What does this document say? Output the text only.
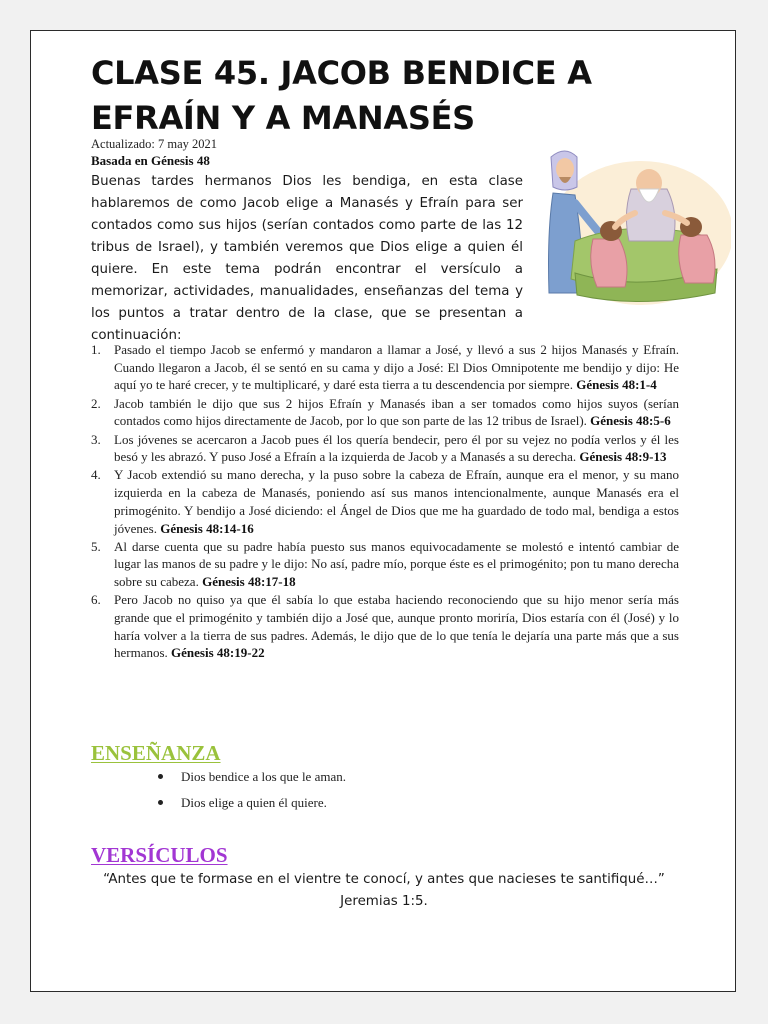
CLASE 45. JACOB BENDICE A EFRAÍN Y A MANASÉS
Actualizado: 7 may 2021
Basada en Génesis 48
Buenas tardes hermanos Dios les bendiga, en esta clase hablaremos de como Jacob elige a Manasés y Efraín para ser contados como sus hijos (serían contados como parte de las 12 tribus de Israel), y también veremos que Dios elige a quien él quiere. En este tema podrán encontrar el versículo a memorizar, actividades, manualidades, enseñanzas del tema y los puntos a tratar dentro de la clase, que se presentan a continuación:
1.	Pasado el tiempo Jacob se enfermó y mandaron a llamar a José, y llevó a sus 2 hijos Manasés y Efraín. Cuando llegaron a Jacob, él se sentó en su cama y dijo a José: El Dios Omnipotente me bendijo y dijo: He aquí yo te haré crecer, y te multiplicaré, y daré esta tierra a tu descendencia por siempre. Génesis 48:1-4
2.	Jacob también le dijo que sus 2 hijos Efraín y Manasés iban a ser tomados como hijos suyos (serían contados como hijos directamente de Jacob, por lo que son parte de las 12 tribus de Israel). Génesis 48:5-6
3.	Los jóvenes se acercaron a Jacob pues él los quería bendecir, pero él por su vejez no podía verlos y él les besó y les abrazó. Y puso José a Efraín a la izquierda de Jacob y a Manasés a su derecha. Génesis 48:9-13
4.	Y Jacob extendió su mano derecha, y la puso sobre la cabeza de Efraín, aunque era el menor, y su mano izquierda en la cabeza de Manasés, poniendo así sus manos intencionalmente, aunque Manasés era el primogénito. Y bendijo a José diciendo: el Ángel de Dios que me ha guardado de todo mal, bendiga a estos jóvenes. Génesis 48:14-16
5.	Al darse cuenta que su padre había puesto sus manos equivocadamente se molestó e intentó cambiar de lugar las manos de su padre y le dijo: No así, padre mío, porque éste es el primogénito; pon tu mano derecha sobre su cabeza. Génesis 48:17-18
6.	Pero Jacob no quiso ya que él sabía lo que estaba haciendo reconociendo que su hijo menor sería más grande que el primogénito y también dijo a José que, aunque pronto moriría, Dios estaría con él (José) y lo haría volver a la tierra de sus padres. Además, le dijo que de lo que tenía le dejaría una parte más que a sus hermanos. Génesis 48:19-22
ENSEÑANZA
Dios bendice a los que le aman.
Dios elige a quien él quiere.
VERSÍCULOS
“Antes que te formase en el vientre te conocí, y antes que nacieses te santifiqué…”
Jeremias 1:5.
